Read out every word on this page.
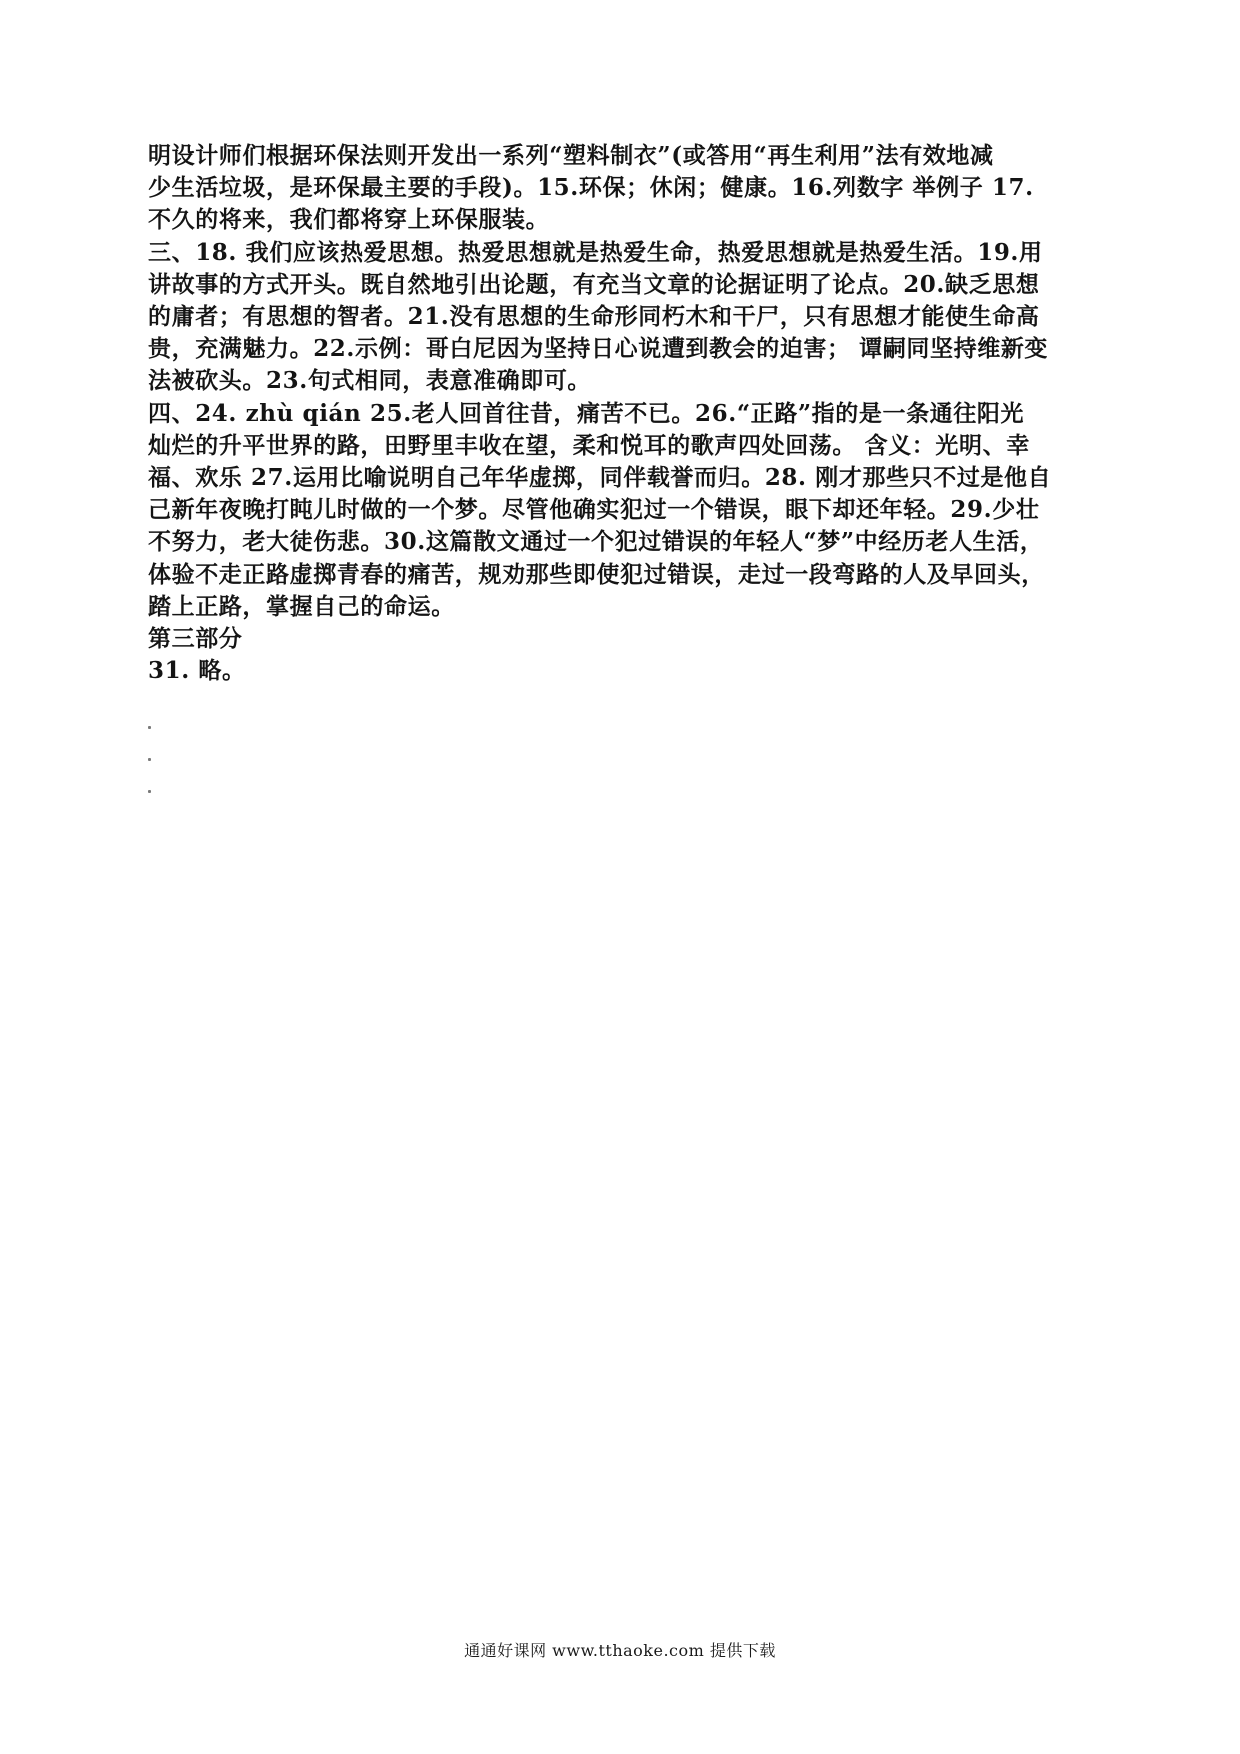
明设计师们根据环保法则开发出一系列“塑料制衣”(或答用“再生利用”法有效地减
少生活垃圾，是环保最主要的手段)。15.环保；休闲；健康。16.列数字 举例子 17.
不久的将来，我们都将穿上环保服装。
三、18. 我们应该热爱思想。热爱思想就是热爱生命，热爱思想就是热爱生活。19.用
讲故事的方式开头。既自然地引出论题，有充当文章的论据证明了论点。20.缺乏思想
的庸者；有思想的智者。21.没有思想的生命形同朽木和干尸，只有思想才能使生命高
贵，充满魅力。22.示例：哥白尼因为坚持日心说遭到教会的迫害； 谭嗣同坚持维新变
法被砍头。23.句式相同，表意准确即可。
四、24. zhù qián 25.老人回首往昔，痛苦不已。26.“正路”指的是一条通往阳光
灿烂的升平世界的路，田野里丰收在望，柔和悦耳的歌声四处回荡。 含义：光明、幸
福、欢乐 27.运用比喻说明自己年华虚掷，同伴载誉而归。28. 刚才那些只不过是他自
己新年夜晚打盹儿时做的一个梦。尽管他确实犯过一个错误，眼下却还年轻。29.少壮
不努力，老大徒伤悲。30.这篇散文通过一个犯过错误的年轻人“梦”中经历老人生活，
体验不走正路虚掷青春的痛苦，规劝那些即使犯过错误，走过一段弯路的人及早回头，
踏上正路，掌握自己的命运。
第三部分
31. 略。
通通好课网 www.tthaoke.com 提供下载
